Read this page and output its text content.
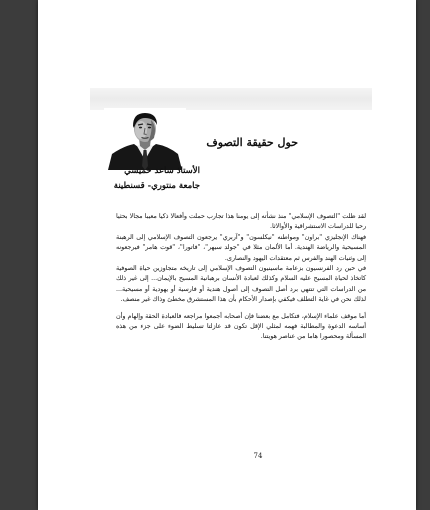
حول حقيقة التصوف
الأستاذ ساعد خميسي
جامعة منتوري- قسنطينة

لقد ظلت "التصوف الإسلامي" منذ نشأته إلى يومنا هذا تجارب حملت وأفعالا ذكيا معيبا مجالا بحثيا رحبا للدراسات الاستشراقية والأوالاثا.

فهناك الإنجليزي "براون" ومواطنه "نيكلسون" و"آربري" يرجعون التصوف الإسلامي إلى الرهبنة المسيحية والرياضة الهندية. أما الألمان مثلا في "جولد سيهر"، "فاتورا"، "قوت هامر" فيرجعونه إلى وثنيات الهند والفرس ثم معتقدات اليهود والنصارى.

في حين رد الفرنسيون بزعامة ماسينيون التصوف الإسلامي إلى تاريخه متجاوزين حياة الصوفية كاتخاذ لحياة المسيح عليه السلام وكذلك لعبادة الأنسان برهبانية المسيح بالإيمان... إلى غير ذلك من الدراسات التي تنتهي برد أصل التصوف إلى أصول هندية أو فارسية أو يهودية أو مسيحية... لذلك نحن في غاية التطلف فيكفي بإصدار الأحكام بأن هذا المستشرق مخطئ وذاك غير منصف.

أما موقف علماء الإسلام، فتكامل مع بعضنا فإن أصحابه أجمعوا مراجعه فالعبادة الحقة وإلهام وأن أساسه الدعوة والمطالبة فهمه لمثلي الإقل تكون قد عازلتا تسليط الضوء على جزء من هذه المسألة ومحصورا هاما من عناصر هويتنا.

74
